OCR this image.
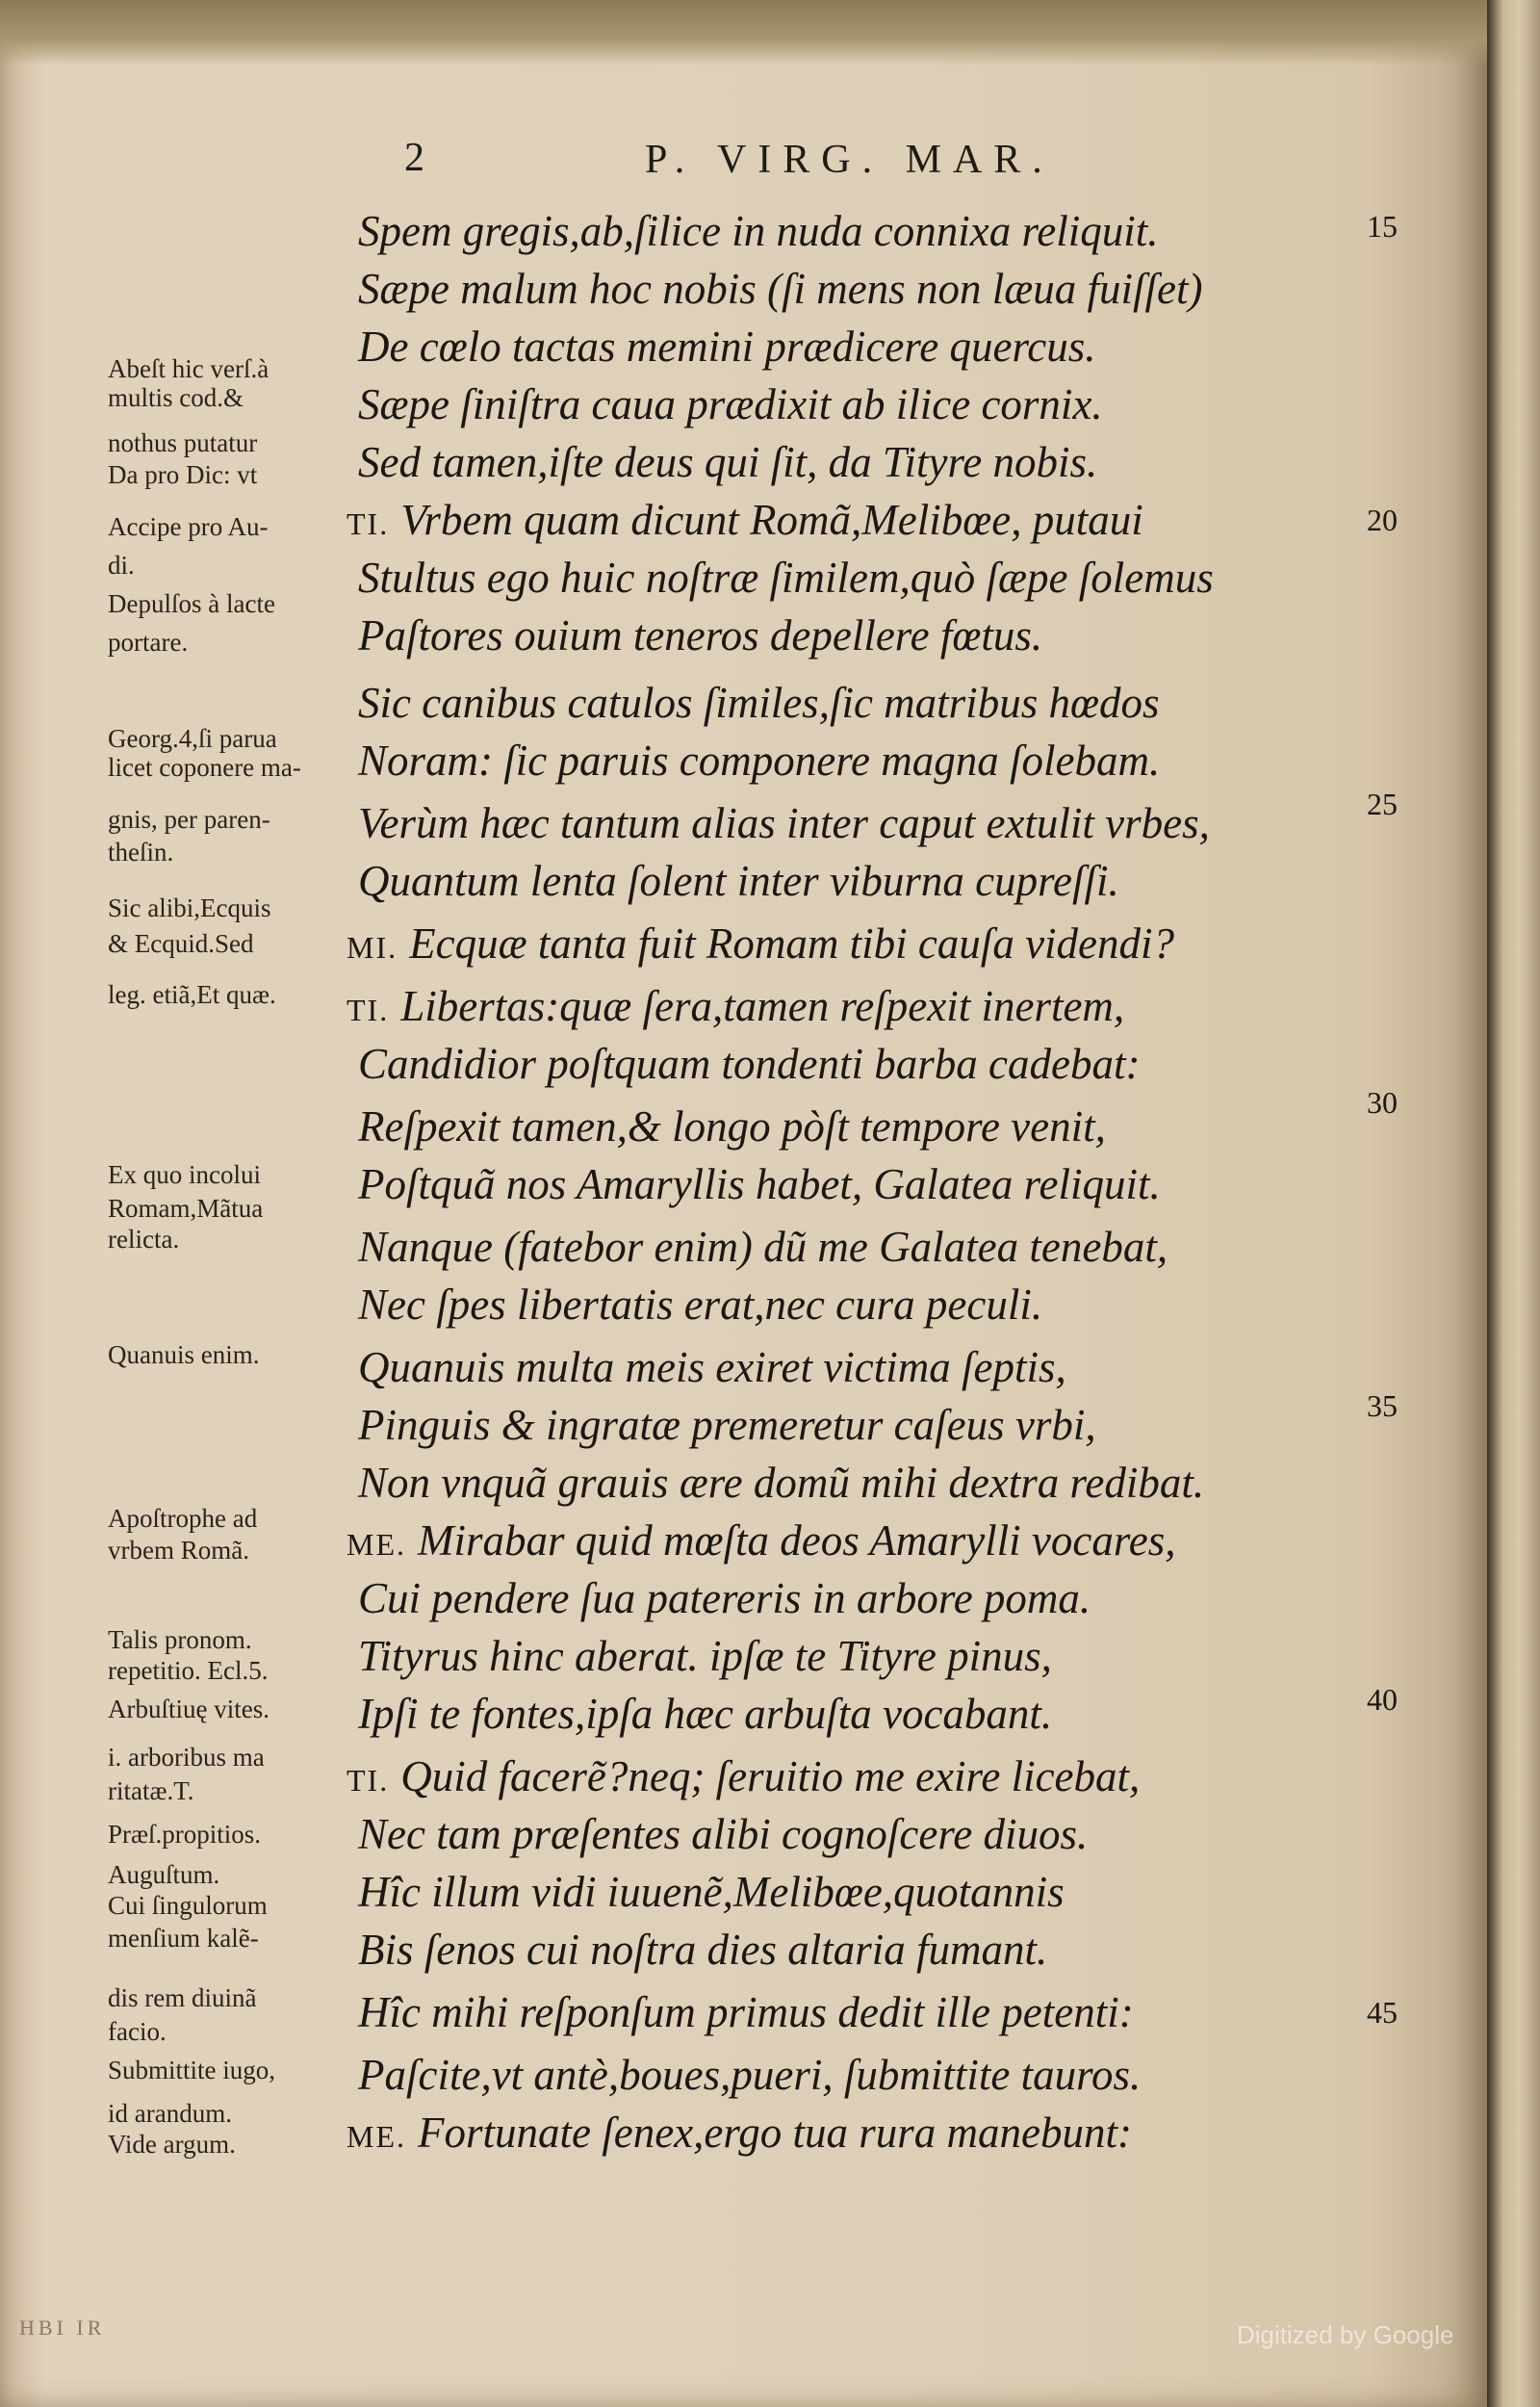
2	P. VIRG. MAR.
Spem gregis,ab,ſilice in nuda connixa reliquit.
Sæpe malum hoc nobis (ſi mens non læua fuiſſet)
De cœlo tactas memini prædicere quercus.
Sæpe ſiniſtra caua prædixit ab ilice cornix.
Sed tamen,iſte deus qui ſit, da Tityre nobis.
TI. Vrbem quam dicunt Romã,Melibœe, putaui
Stultus ego huic noſtræ ſimilem,quò ſæpe ſolemus
Paſtores ouium teneros depellere fœtus.
Sic canibus catulos ſimiles,ſic matribus hœdos
Noram: ſic paruis componere magna ſolebam.
Verùm hæc tantum alias inter caput extulit vrbes,
Quantum lenta ſolent inter viburna cupreſſi.
MI. Ecquæ tanta fuit Romam tibi cauſa videndi?
TI. Libertas:quæ ſera,tamen reſpexit inertem,
Candidior poſtquam tondenti barba cadebat:
Reſpexit tamen,& longo pòſt tempore venit,
Poſtquã nos Amaryllis habet, Galatea reliquit.
Nanque (fatebor enim) dũ me Galatea tenebat,
Nec ſpes libertatis erat,nec cura peculi.
Quanuis multa meis exiret victima ſeptis,
Pinguis & ingratæ premeretur caſeus vrbi,
Non vnquã grauis ære domũ mihi dextra redibat.
ME. Mirabar quid mœſta deos Amarylli vocares,
Cui pendere ſua patereris in arbore poma.
Tityrus hinc aberat. ipſæ te Tityre pinus,
Ipſi te fontes,ipſa hæc arbuſta vocabant.
TI. Quid facerẽ?neq; ſeruitio me exire licebat,
Nec tam præſentes alibi cognoſcere diuos.
Hîc illum vidi iuuenẽ,Melibœe,quotannis
Bis ſenos cui noſtra dies altaria fumant.
Hîc mihi reſponſum primus dedit ille petenti:
Paſcite,vt antè,boues,pueri, ſubmittite tauros.
ME. Fortunate ſenex,ergo tua rura manebunt:
15
20
25
30
35
40
45
Abeſt hic verſ.à
multis cod.&
nothus putatur
Da pro Dic: vt
Accipe pro Au-
di.
Depulſos à lacte
portare.
Georg.4,ſi parua
licet coponere ma-
gnis, per paren-
theſin.
Sic alibi,Ecquis
& Ecquid.Sed
leg. etiã,Et quæ.
Ex quo incolui
Romam,Mãtua
relicta.
Quanuis enim.
Apoſtrophe ad
vrbem Romã.
Talis pronom.
repetitio. Ecl.5.
Arbuſtiuę vites.
i. arboribus ma
ritatæ.T.
Præſ.propitios.
Auguſtum.
Cui ſingulorum
menſium kalẽ-
dis rem diuinã
facio.
Submittite iugo,
id arandum.
Vide argum.
HBI IR	Digitized by Google
